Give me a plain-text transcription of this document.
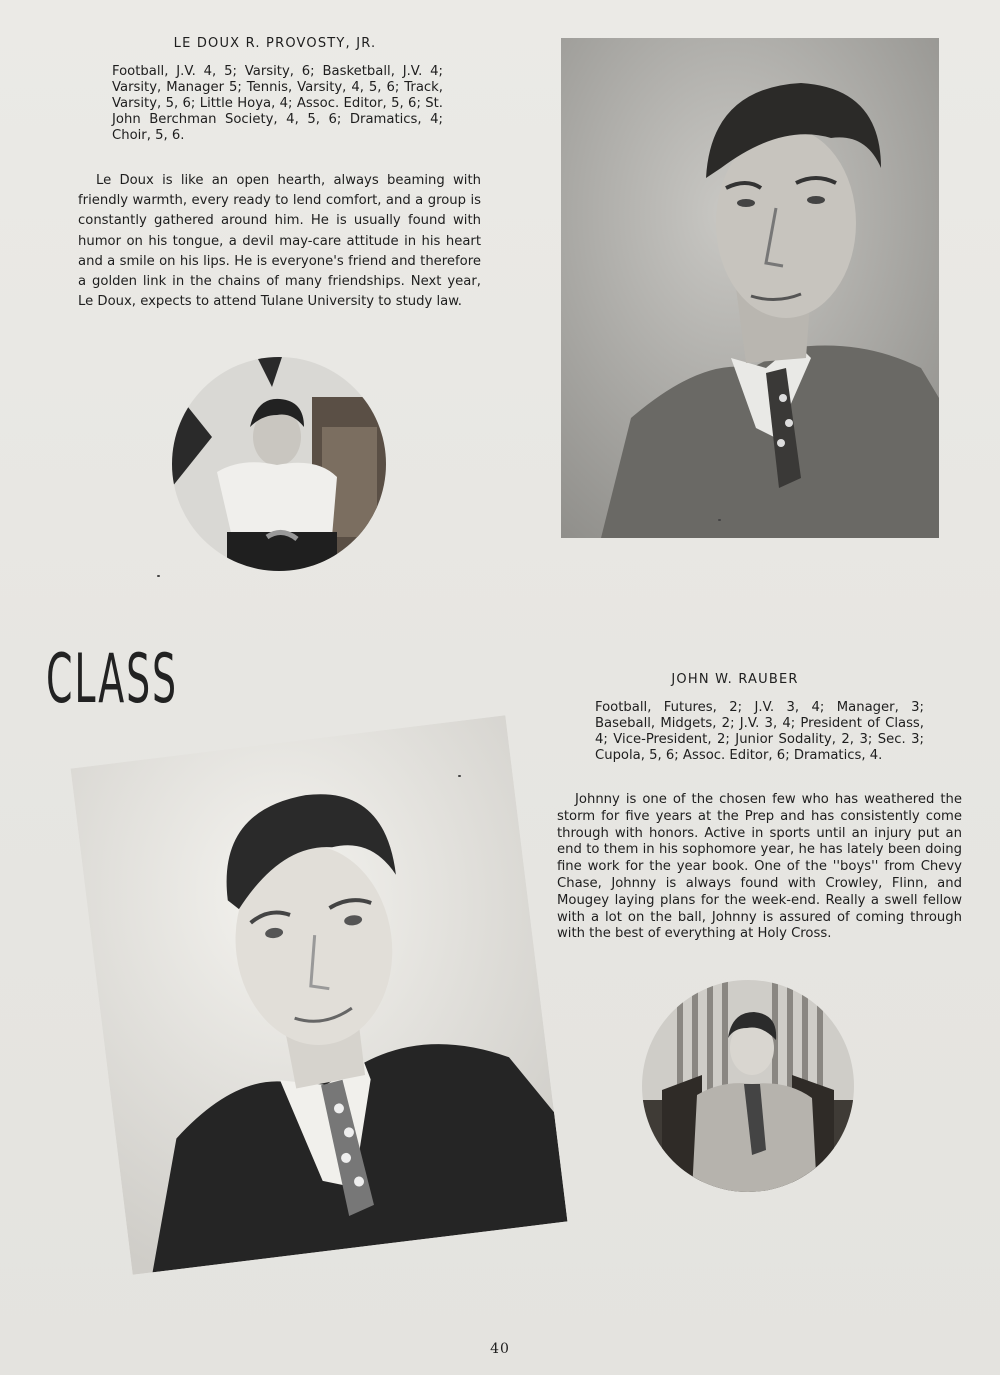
LE DOUX R. PROVOSTY, JR.
Football, J.V. 4, 5; Varsity, 6; Basketball, J.V. 4; Varsity, Manager 5; Tennis, Varsity, 4, 5, 6; Track, Varsity, 5, 6; Little Hoya, 4; Assoc. Editor, 5, 6; St. John Berchman Society, 4, 5, 6; Dramatics, 4; Choir, 5, 6.
Le Doux is like an open hearth, always beaming with friendly warmth, every ready to lend comfort, and a group is constantly gathered around him. He is usually found with humor on his tongue, a devil may-care attitude in his heart and a smile on his lips. He is everyone's friend and therefore a golden link in the chains of many friendships. Next year, Le Doux, expects to attend Tulane University to study law.
CLASS	JOHN W. RAUBER
Football, Futures, 2; J.V. 3, 4; Manager, 3; Baseball, Midgets, 2; J.V. 3, 4; President of Class, 4; Vice-President, 2; Junior Sodality, 2, 3; Sec. 3; Cupola, 5, 6; Assoc. Editor, 6; Dramatics, 4.
Johnny is one of the chosen few who has weathered the storm for five years at the Prep and has consistently come through with honors. Active in sports until an injury put an end to them in his sophomore year, he has lately been doing fine work for the year book. One of the ''boys'' from Chevy Chase, Johnny is always found with Crowley, Flinn, and Mougey laying plans for the week-end. Really a swell fellow with a lot on the ball, Johnny is assured of coming through with the best of everything at Holy Cross.
40
